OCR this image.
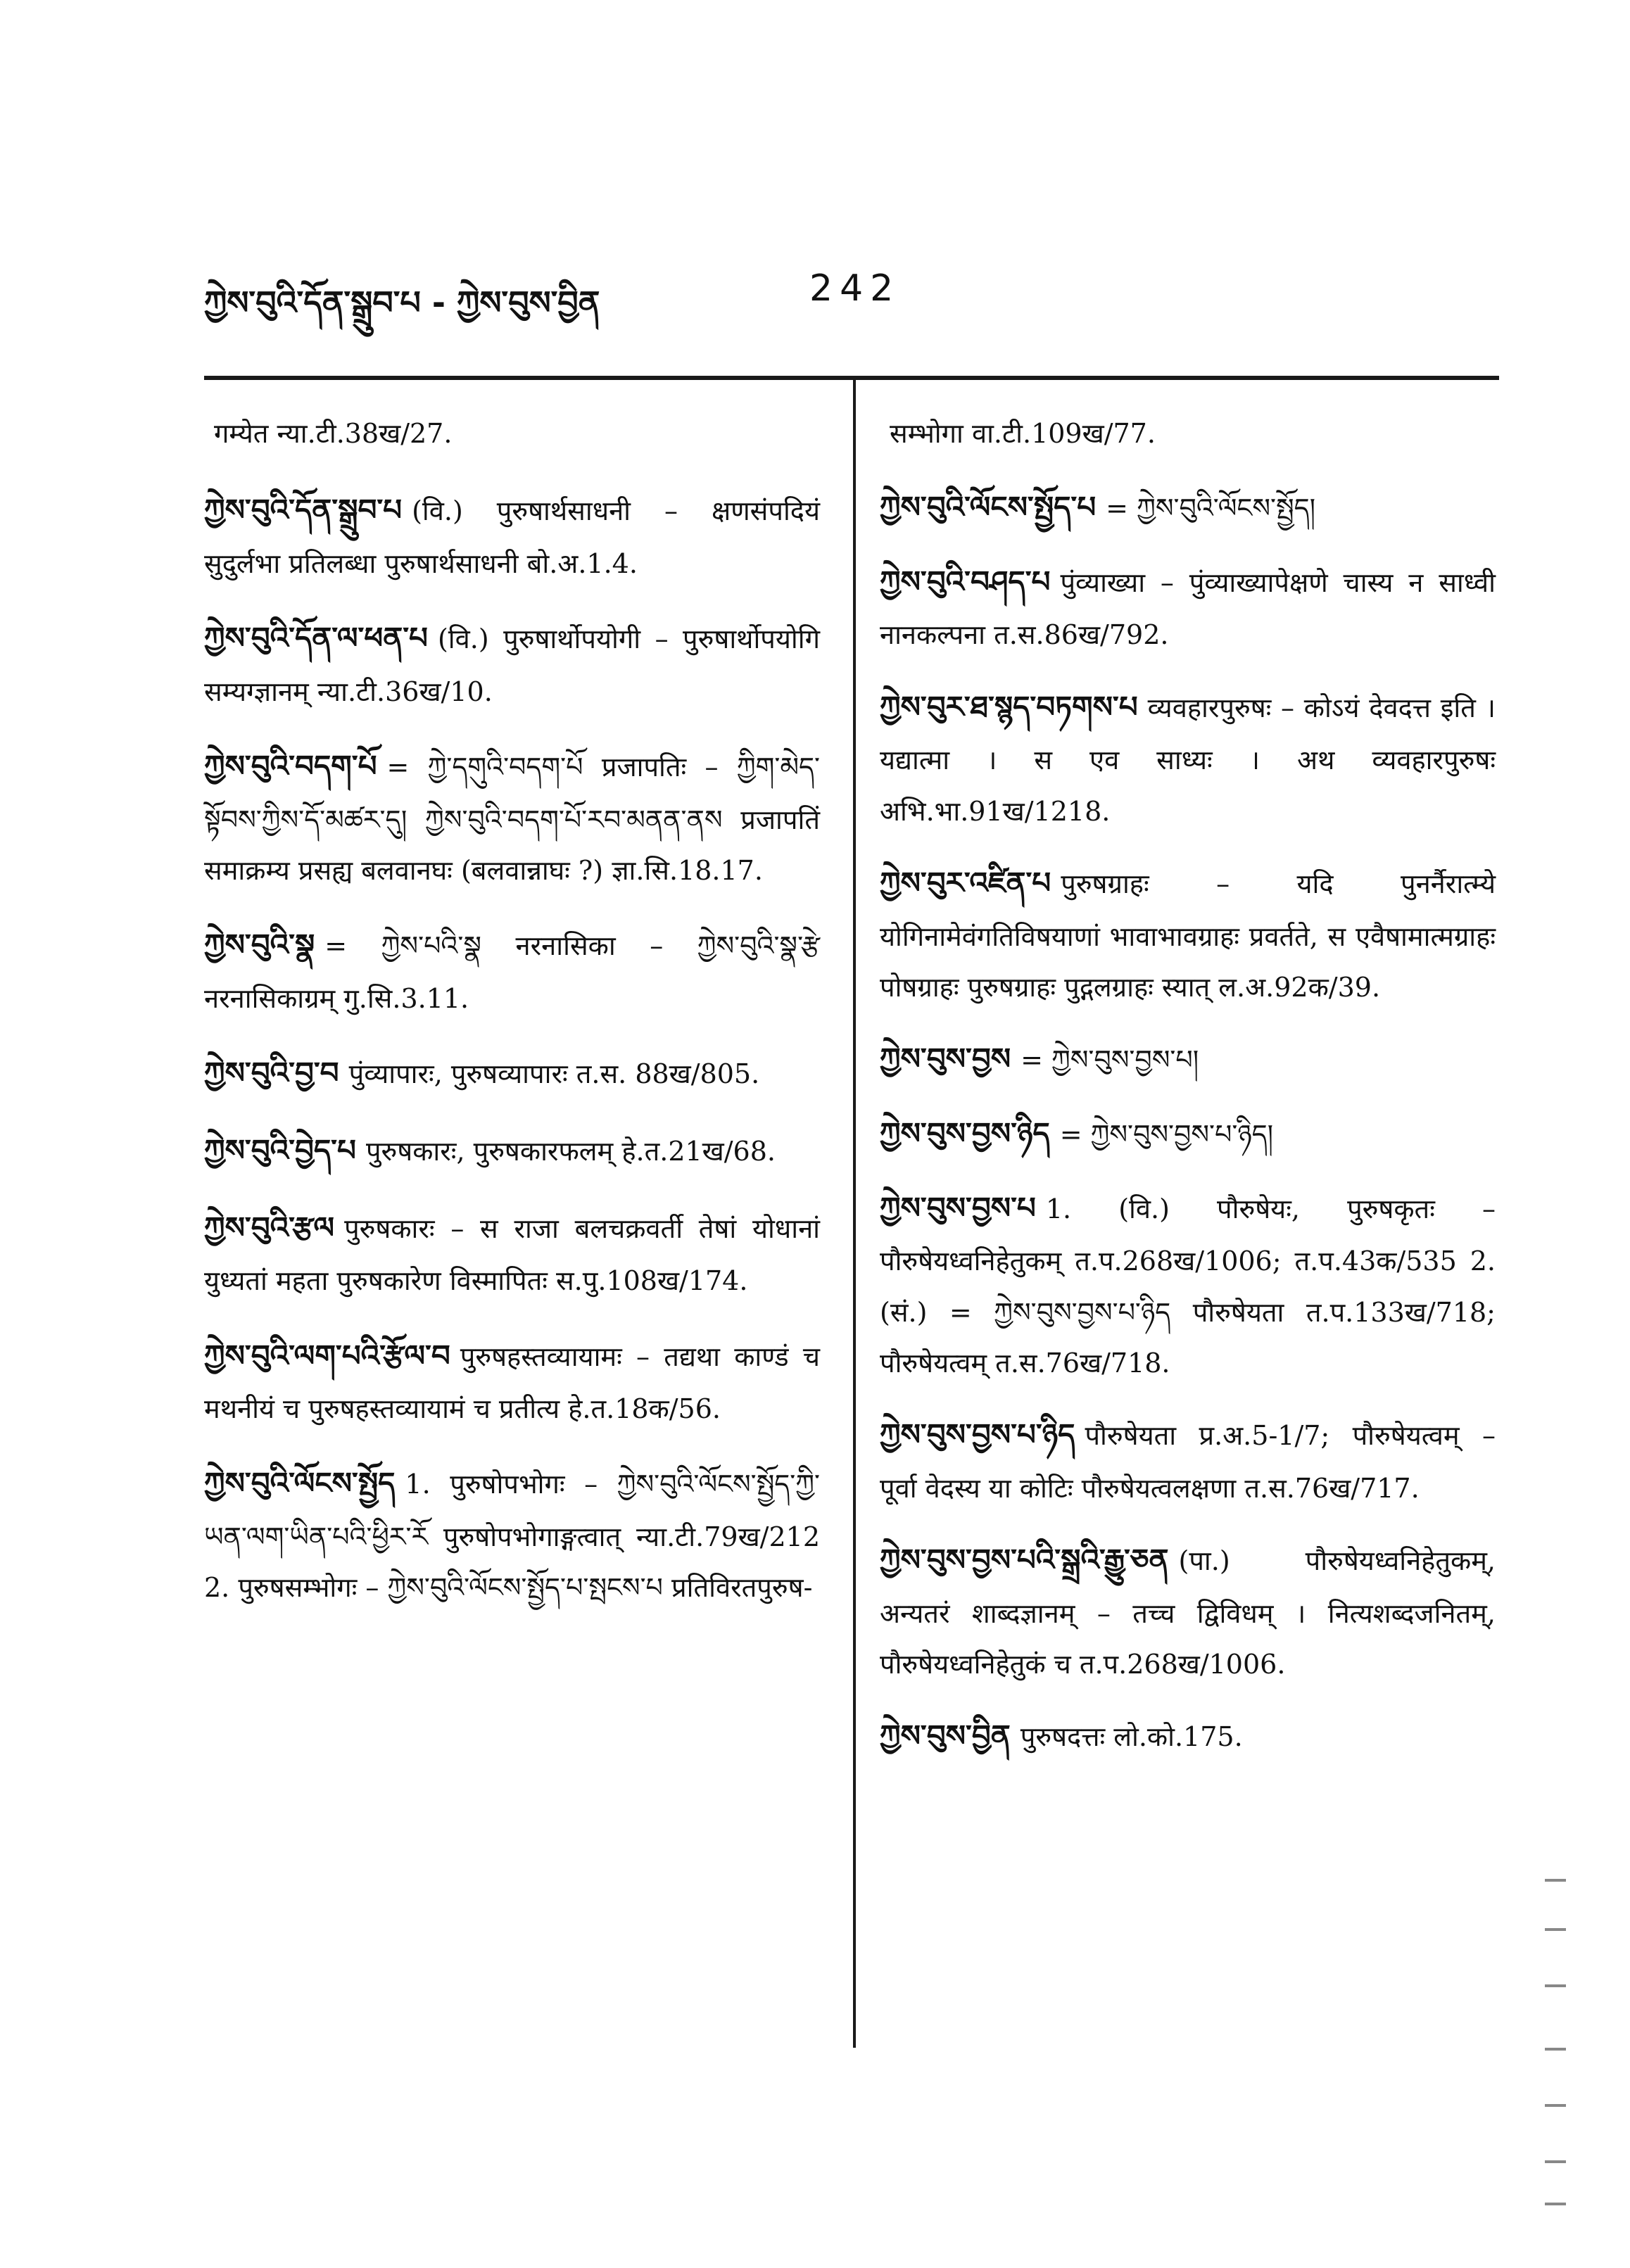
ཀྱེས་བུའི་དོན་སྒྲུབ་པ - ཀྱེས་བུས་བྱིན	242

गम्येत न्या.टी.38ख/27.

ཀྱེས་བུའི་དོན་སྒྲུབ་པ (वि.) पुरुषार्थसाधनी – क्षणसंपदियं सुदुर्लभा प्रतिलब्धा पुरुषार्थसाधनी बो.अ.1.4.

ཀྱེས་བུའི་དོན་ལ་ཕན་པ (वि.) पुरुषार्थोपयोगी – पुरुषार्थोपयोगि सम्यग्ज्ञानम् न्या.टी.36ख/10.

ཀྱེས་བུའི་བདག་པོ = ཀྱེ་དགུའི་བདག་པོ प्रजापतिः – ཀྱིག་མེད་སྟོབས་ཀྱིས་དོ་མཚར་དུ། ཀྱེས་བུའི་བདག་པོ་རབ་མནན་ནས प्रजापतिं समाक्रम्य प्रसह्य बलवानघः (बलवान्नाघः ?) ज्ञा.सि.18.17.

ཀྱེས་བུའི་སྣ = ཀྱེས་པའི་སྣ नरनासिका – ཀྱེས་བུའི་སྣ་རྩེ नरनासिकाग्रम् गु.सि.3.11.

ཀྱེས་བུའི་བྱ་བ पुंव्यापारः, पुरुषव्यापारः त.स. 88ख/805.

ཀྱེས་བུའི་བྱེད་པ पुरुषकारः, पुरुषकारफलम् हे.त.21ख/68.

ཀྱེས་བུའི་རྩལ पुरुषकारः – स राजा बलचक्रवर्ती तेषां योधानां युध्यतां महता पुरुषकारेण विस्मापितः स.पु.108ख/174.

ཀྱེས་བུའི་ལག་པའི་རྩོལ་བ पुरुषहस्तव्यायामः – तद्यथा काण्डं च मथनीयं च पुरुषहस्तव्यायामं च प्रतीत्य हे.त.18क/56.

ཀྱེས་བུའི་ལོངས་སྤྱོད 1. पुरुषोपभोगः – ཀྱེས་བུའི་ལོངས་སྤྱོད་ཀྱི་ཡན་ལག་ཡིན་པའི་ཕྱིར་རོ पुरुषोपभोगाङ्गत्वात् न्या.टी.79ख/212 2. पुरुषसम्भोगः – ཀྱེས་བུའི་ལོངས་སྤྱོད་པ་སྤངས་པ प्रतिविरतपुरुष-

सम्भोगा वा.टी.109ख/77.

ཀྱེས་བུའི་ལོངས་སྤྱོད་པ = ཀྱེས་བུའི་ལོངས་སྤྱོད།

ཀྱེས་བུའི་བཤད་པ पुंव्याख्या – पुंव्याख्यापेक्षणे चास्य न साध्वी नानकल्पना त.स.86ख/792.

ཀྱེས་བུར་ཐ་སྙད་བཏགས་པ व्यवहारपुरुषः – कोऽयं देवदत्त इति । यद्यात्मा । स एव साध्यः । अथ व्यवहारपुरुषः अभि.भा.91ख/1218.

ཀྱེས་བུར་འཛིན་པ पुरुषग्राहः – यदि पुनर्नैरात्म्ये योगिनामेवंगतिविषयाणां भावाभावग्राहः प्रवर्तते, स एवैषामात्मग्राहः पोषग्राहः पुरुषग्राहः पुद्गलग्राहः स्यात् ल.अ.92क/39.

ཀྱེས་བུས་བྱས = ཀྱེས་བུས་བྱས་པ།

ཀྱེས་བུས་བྱས་ཉིད = ཀྱེས་བུས་བྱས་པ་ཉིད།

ཀྱེས་བུས་བྱས་པ 1. (वि.) पौरुषेयः, पुरुषकृतः – पौरुषेयध्वनिहेतुकम् त.प.268ख/1006; त.प.43क/535 2. (सं.) = ཀྱེས་བུས་བྱས་པ་ཉིད पौरुषेयता त.प.133ख/718; पौरुषेयत्वम् त.स.76ख/718.

ཀྱེས་བུས་བྱས་པ་ཉིད पौरुषेयता प्र.अ.5-1/7; पौरुषेयत्वम् – पूर्वा वेदस्य या कोटिः पौरुषेयत्वलक्षणा त.स.76ख/717.

ཀྱེས་བུས་བྱས་པའི་སྒྲའི་རྒྱུ་ཅན (पा.) पौरुषेयध्वनिहेतुकम्, अन्यतरं शाब्दज्ञानम् – तच्च द्विविधम् । नित्यशब्दजनितम्, पौरुषेयध्वनिहेतुकं च त.प.268ख/1006.

ཀྱེས་བུས་བྱིན पुरुषदत्तः लो.को.175.
